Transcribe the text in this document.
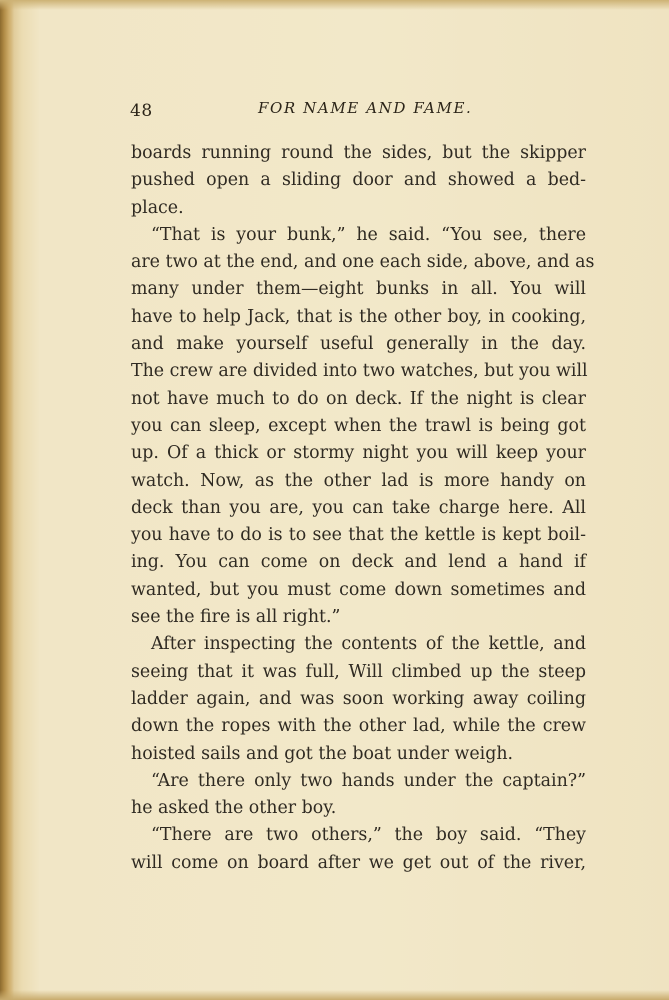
48	FOR NAME AND FAME.
boards running round the sides, but the skipper
pushed open a sliding door and showed a bed-
place.
“That is your bunk,” he said. “You see, there
are two at the end, and one each side, above, and as
many under them—eight bunks in all. You will
have to help Jack, that is the other boy, in cooking,
and make yourself useful generally in the day.
The crew are divided into two watches, but you will
not have much to do on deck. If the night is clear
you can sleep, except when the trawl is being got
up. Of a thick or stormy night you will keep your
watch. Now, as the other lad is more handy on
deck than you are, you can take charge here. All
you have to do is to see that the kettle is kept boil-
ing. You can come on deck and lend a hand if
wanted, but you must come down sometimes and
see the fire is all right.”
After inspecting the contents of the kettle, and
seeing that it was full, Will climbed up the steep
ladder again, and was soon working away coiling
down the ropes with the other lad, while the crew
hoisted sails and got the boat under weigh.
“Are there only two hands under the captain?”
he asked the other boy.
“There are two others,” the boy said. “They
will come on board after we get out of the river,
